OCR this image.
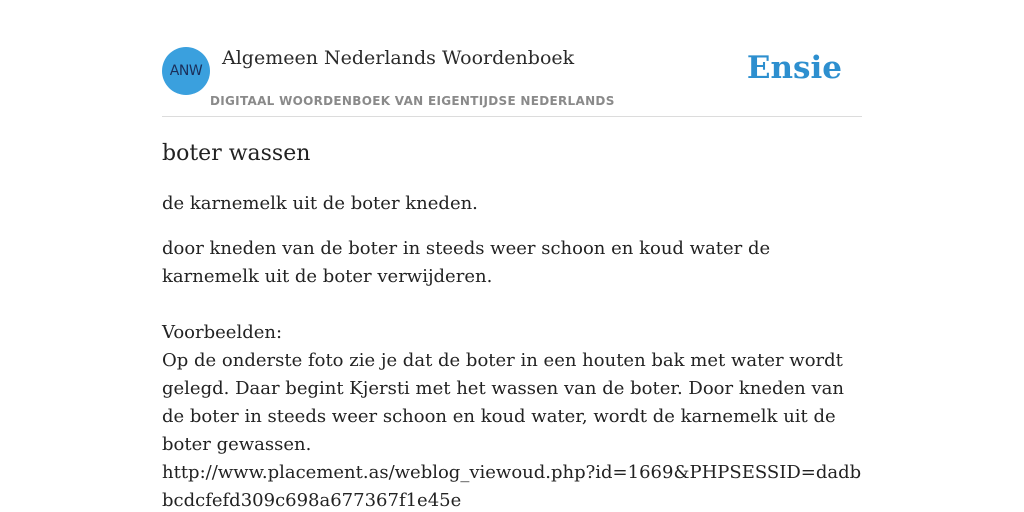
ANW
Algemeen Nederlands Woordenboek
DIGITAAL WOORDENBOEK VAN EIGENTIJDSE NEDERLANDS
Ensie
boter wassen

de karnemelk uit de boter kneden.

door kneden van de boter in steeds weer schoon en koud water de karnemelk uit de boter verwijderen.

Voorbeelden:
Op de onderste foto zie je dat de boter in een houten bak met water wordt gelegd. Daar begint Kjersti met het wassen van de boter. Door kneden van de boter in steeds weer schoon en koud water, wordt de karnemelk uit de boter gewassen.
http://www.placement.as/weblog_viewoud.php?id=1669&PHPSESSID=dadbbcdcfefd309c698a677367f1e45e
